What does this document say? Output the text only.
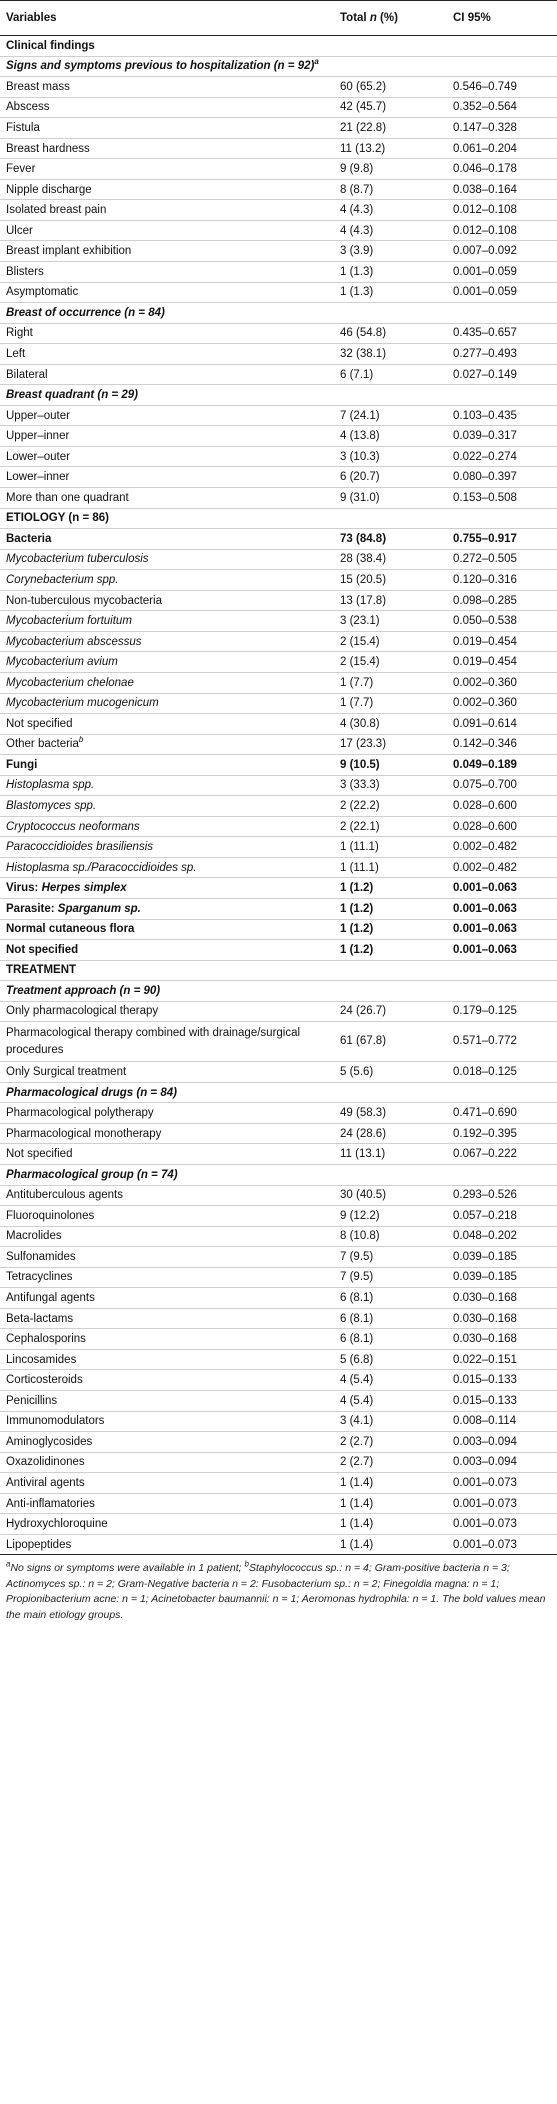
Variables	Total n (%)	CI 95%
Clinical findings		
Signs and symptoms previous to hospitalization (n = 92)$^a$		
Breast mass	60 (65.2)	0.546–0.749
Abscess	42 (45.7)	0.352–0.564
Fistula	21 (22.8)	0.147–0.328
Breast hardness	11 (13.2)	0.061–0.204
Fever	9 (9.8)	0.046–0.178
Nipple discharge	8 (8.7)	0.038–0.164
Isolated breast pain	4 (4.3)	0.012–0.108
Ulcer	4 (4.3)	0.012–0.108
Breast implant exhibition	3 (3.9)	0.007–0.092
Blisters	1 (1.3)	0.001–0.059
Asymptomatic	1 (1.3)	0.001–0.059
Breast of occurrence (n = 84)		
Right	46 (54.8)	0.435–0.657
Left	32 (38.1)	0.277–0.493
Bilateral	6 (7.1)	0.027–0.149
Breast quadrant (n = 29)		
Upper–outer	7 (24.1)	0.103–0.435
Upper–inner	4 (13.8)	0.039–0.317
Lower–outer	3 (10.3)	0.022–0.274
Lower–inner	6 (20.7)	0.080–0.397
More than one quadrant	9 (31.0)	0.153–0.508
ETIOLOGY (n = 86)		
Bacteria	73 (84.8)	0.755–0.917
Mycobacterium tuberculosis	28 (38.4)	0.272–0.505
Corynebacterium spp.	15 (20.5)	0.120–0.316
Non-tuberculous mycobacteria	13 (17.8)	0.098–0.285
Mycobacterium fortuitum	3 (23.1)	0.050–0.538
Mycobacterium abscessus	2 (15.4)	0.019–0.454
Mycobacterium avium	2 (15.4)	0.019–0.454
Mycobacterium chelonae	1 (7.7)	0.002–0.360
Mycobacterium mucogenicum	1 (7.7)	0.002–0.360
Not specified	4 (30.8)	0.091–0.614
Other bacteria$^b$	17 (23.3)	0.142–0.346
Fungi	9 (10.5)	0.049–0.189
Histoplasma spp.	3 (33.3)	0.075–0.700
Blastomyces spp.	2 (22.2)	0.028–0.600
Cryptococcus neoformans	2 (22.1)	0.028–0.600
Paracoccidioides brasiliensis	1 (11.1)	0.002–0.482
Histoplasma sp./Paracoccidioides sp.	1 (11.1)	0.002–0.482
Virus: Herpes simplex	1 (1.2)	0.001–0.063
Parasite: Sparganum sp.	1 (1.2)	0.001–0.063
Normal cutaneous flora	1 (1.2)	0.001–0.063
Not specified	1 (1.2)	0.001–0.063
TREATMENT		
Treatment approach (n = 90)		
Only pharmacological therapy	24 (26.7)	0.179–0.125
Pharmacological therapy combined with drainage/surgical procedures	61 (67.8)	0.571–0.772
Only Surgical treatment	5 (5.6)	0.018–0.125
Pharmacological drugs (n = 84)		
Pharmacological polytherapy	49 (58.3)	0.471–0.690
Pharmacological monotherapy	24 (28.6)	0.192–0.395
Not specified	11 (13.1)	0.067–0.222
Pharmacological group (n = 74)		
Antituberculous agents	30 (40.5)	0.293–0.526
Fluoroquinolones	9 (12.2)	0.057–0.218
Macrolides	8 (10.8)	0.048–0.202
Sulfonamides	7 (9.5)	0.039–0.185
Tetracyclines	7 (9.5)	0.039–0.185
Antifungal agents	6 (8.1)	0.030–0.168
Beta-lactams	6 (8.1)	0.030–0.168
Cephalosporins	6 (8.1)	0.030–0.168
Lincosamides	5 (6.8)	0.022–0.151
Corticosteroids	4 (5.4)	0.015–0.133
Penicillins	4 (5.4)	0.015–0.133
Immunomodulators	3 (4.1)	0.008–0.114
Aminoglycosides	2 (2.7)	0.003–0.094
Oxazolidinones	2 (2.7)	0.003–0.094
Antiviral agents	1 (1.4)	0.001–0.073
Anti-inflamatories	1 (1.4)	0.001–0.073
Hydroxychloroquine	1 (1.4)	0.001–0.073
Lipopeptides	1 (1.4)	0.001–0.073
$^a$No signs or symptoms were available in 1 patient; $^b$Staphylococcus sp.: n = 4; Gram-positive bacteria n = 3; Actinomyces sp.: n = 2; Gram-Negative bacteria n = 2: Fusobacterium sp.: n = 2; Finegoldia magna: n = 1; Propionibacterium acne: n = 1; Acinetobacter baumannii: n = 1; Aeromonas hydrophila: n = 1. The bold values mean the main etiology groups.
